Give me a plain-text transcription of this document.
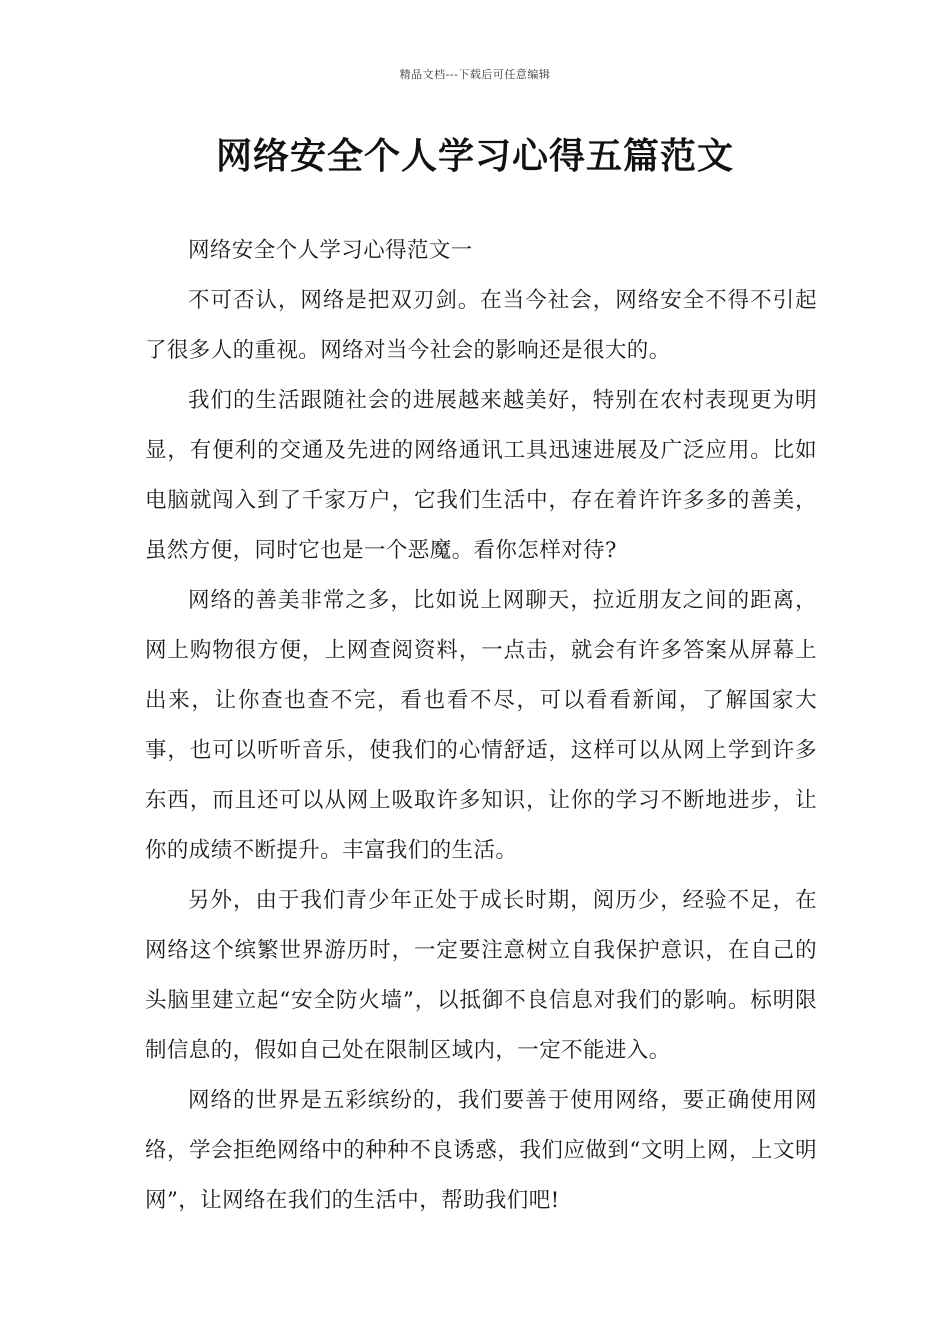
精品文档---下载后可任意编辑
网络安全个人学习心得五篇范文

网络安全个人学习心得范文一

不可否认，网络是把双刃剑。在当今社会，网络安全不得不引起了很多人的重视。网络对当今社会的影响还是很大的。

我们的生活跟随社会的进展越来越美好，特别在农村表现更为明显，有便利的交通及先进的网络通讯工具迅速进展及广泛应用。比如电脑就闯入到了千家万户，它我们生活中，存在着许许多多的善美，虽然方便，同时它也是一个恶魔。看你怎样对待?

网络的善美非常之多，比如说上网聊天，拉近朋友之间的距离，网上购物很方便，上网查阅资料，一点击，就会有许多答案从屏幕上出来，让你查也查不完，看也看不尽，可以看看新闻，了解国家大事，也可以听听音乐，使我们的心情舒适，这样可以从网上学到许多东西，而且还可以从网上吸取许多知识，让你的学习不断地进步，让你的成绩不断提升。丰富我们的生活。

另外，由于我们青少年正处于成长时期，阅历少，经验不足，在网络这个缤繁世界游历时，一定要注意树立自我保护意识，在自己的头脑里建立起“安全防火墙”，以抵御不良信息对我们的影响。标明限制信息的，假如自己处在限制区域内，一定不能进入。

网络的世界是五彩缤纷的，我们要善于使用网络，要正确使用网络，学会拒绝网络中的种种不良诱惑，我们应做到“文明上网，上文明网”，让网络在我们的生活中，帮助我们吧!
